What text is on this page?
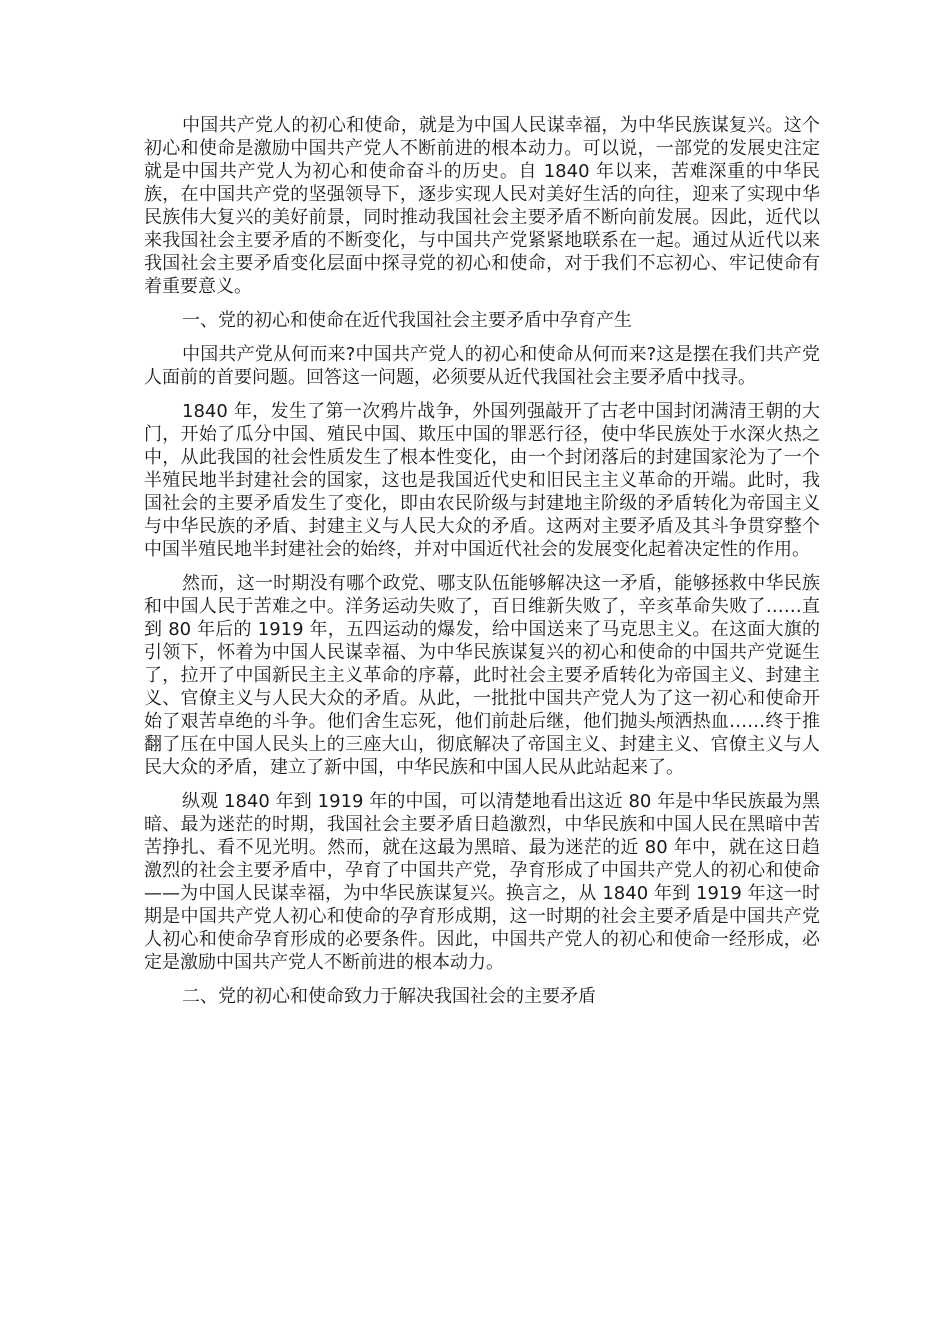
中国共产党人的初心和使命，就是为中国人民谋幸福，为中华民族谋复兴。这个初心和使命是激励中国共产党人不断前进的根本动力。可以说，一部党的发展史注定就是中国共产党人为初心和使命奋斗的历史。自 1840 年以来，苦难深重的中华民族，在中国共产党的坚强领导下，逐步实现人民对美好生活的向往，迎来了实现中华民族伟大复兴的美好前景，同时推动我国社会主要矛盾不断向前发展。因此，近代以来我国社会主要矛盾的不断变化，与中国共产党紧紧地联系在一起。通过从近代以来我国社会主要矛盾变化层面中探寻党的初心和使命，对于我们不忘初心、牢记使命有着重要意义。

一、党的初心和使命在近代我国社会主要矛盾中孕育产生

中国共产党从何而来?中国共产党人的初心和使命从何而来?这是摆在我们共产党人面前的首要问题。回答这一问题，必须要从近代我国社会主要矛盾中找寻。

1840 年，发生了第一次鸦片战争，外国列强敲开了古老中国封闭满清王朝的大门，开始了瓜分中国、殖民中国、欺压中国的罪恶行径，使中华民族处于水深火热之中，从此我国的社会性质发生了根本性变化，由一个封闭落后的封建国家沦为了一个半殖民地半封建社会的国家，这也是我国近代史和旧民主主义革命的开端。此时，我国社会的主要矛盾发生了变化，即由农民阶级与封建地主阶级的矛盾转化为帝国主义与中华民族的矛盾、封建主义与人民大众的矛盾。这两对主要矛盾及其斗争贯穿整个中国半殖民地半封建社会的始终，并对中国近代社会的发展变化起着决定性的作用。

然而，这一时期没有哪个政党、哪支队伍能够解决这一矛盾，能够拯救中华民族和中国人民于苦难之中。洋务运动失败了，百日维新失败了，辛亥革命失败了……直到 80 年后的 1919 年，五四运动的爆发，给中国送来了马克思主义。在这面大旗的引领下，怀着为中国人民谋幸福、为中华民族谋复兴的初心和使命的中国共产党诞生了，拉开了中国新民主主义革命的序幕，此时社会主要矛盾转化为帝国主义、封建主义、官僚主义与人民大众的矛盾。从此，一批批中国共产党人为了这一初心和使命开始了艰苦卓绝的斗争。他们舍生忘死，他们前赴后继，他们抛头颅洒热血……终于推翻了压在中国人民头上的三座大山，彻底解决了帝国主义、封建主义、官僚主义与人民大众的矛盾，建立了新中国，中华民族和中国人民从此站起来了。

纵观 1840 年到 1919 年的中国，可以清楚地看出这近 80 年是中华民族最为黑暗、最为迷茫的时期，我国社会主要矛盾日趋激烈，中华民族和中国人民在黑暗中苦苦挣扎、看不见光明。然而，就在这最为黑暗、最为迷茫的近 80 年中，就在这日趋激烈的社会主要矛盾中，孕育了中国共产党，孕育形成了中国共产党人的初心和使命——为中国人民谋幸福，为中华民族谋复兴。换言之，从 1840 年到 1919 年这一时期是中国共产党人初心和使命的孕育形成期，这一时期的社会主要矛盾是中国共产党人初心和使命孕育形成的必要条件。因此，中国共产党人的初心和使命一经形成，必定是激励中国共产党人不断前进的根本动力。

二、党的初心和使命致力于解决我国社会的主要矛盾
